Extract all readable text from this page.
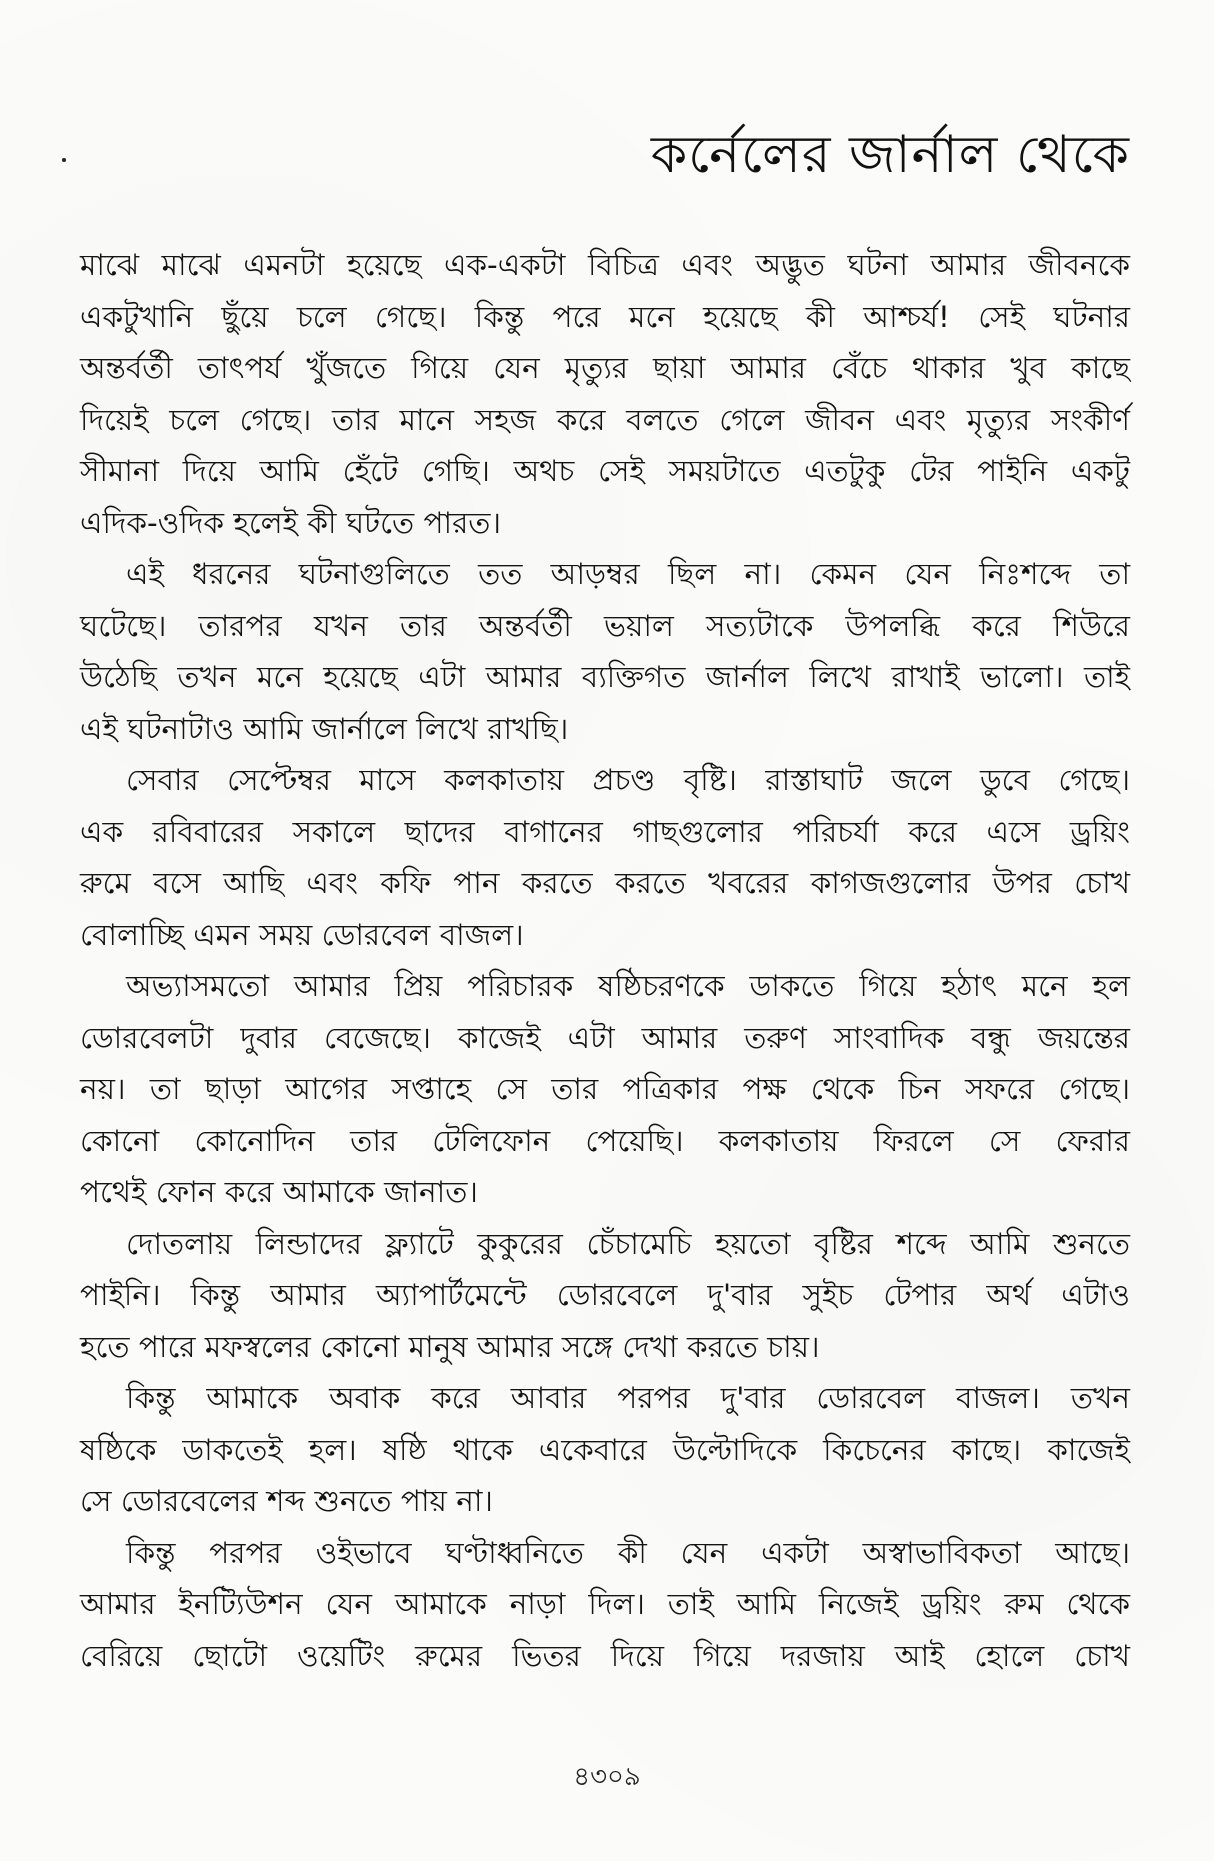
কর্নেলের জার্নাল থেকে
মাঝে মাঝে এমনটা হয়েছে এক-একটা বিচিত্র এবং অদ্ভুত ঘটনা আমার জীবনকে
একটুখানি ছুঁয়ে চলে গেছে। কিন্তু পরে মনে হয়েছে কী আশ্চর্য! সেই ঘটনার
অন্তর্বর্তী তাৎপর্য খুঁজতে গিয়ে যেন মৃত্যুর ছায়া আমার বেঁচে থাকার খুব কাছে
দিয়েই চলে গেছে। তার মানে সহজ করে বলতে গেলে জীবন এবং মৃত্যুর সংকীর্ণ
সীমানা দিয়ে আমি হেঁটে গেছি। অথচ সেই সময়টাতে এতটুকু টের পাইনি একটু
এদিক-ওদিক হলেই কী ঘটতে পারত।
এই ধরনের ঘটনাগুলিতে তত আড়ম্বর ছিল না। কেমন যেন নিঃশব্দে তা
ঘটেছে। তারপর যখন তার অন্তর্বর্তী ভয়াল সত্যটাকে উপলব্ধি করে শিউরে
উঠেছি তখন মনে হয়েছে এটা আমার ব্যক্তিগত জার্নাল লিখে রাখাই ভালো। তাই
এই ঘটনাটাও আমি জার্নালে লিখে রাখছি।
সেবার সেপ্টেম্বর মাসে কলকাতায় প্রচণ্ড বৃষ্টি। রাস্তাঘাট জলে ডুবে গেছে।
এক রবিবারের সকালে ছাদের বাগানের গাছগুলোর পরিচর্যা করে এসে ড্রয়িং
রুমে বসে আছি এবং কফি পান করতে করতে খবরের কাগজগুলোর উপর চোখ
বোলাচ্ছি এমন সময় ডোরবেল বাজল।
অভ্যাসমতো আমার প্রিয় পরিচারক ষষ্ঠিচরণকে ডাকতে গিয়ে হঠাৎ মনে হল
ডোরবেলটা দুবার বেজেছে। কাজেই এটা আমার তরুণ সাংবাদিক বন্ধু জয়ন্তের
নয়। তা ছাড়া আগের সপ্তাহে সে তার পত্রিকার পক্ষ থেকে চিন সফরে গেছে।
কোনো কোনোদিন তার টেলিফোন পেয়েছি। কলকাতায় ফিরলে সে ফেরার
পথেই ফোন করে আমাকে জানাত।
দোতলায় লিন্ডাদের ফ্ল্যাটে কুকুরের চেঁচামেচি হয়তো বৃষ্টির শব্দে আমি শুনতে
পাইনি। কিন্তু আমার অ্যাপার্টমেন্টে ডোরবেলে দু'বার সুইচ টেপার অর্থ এটাও
হতে পারে মফস্বলের কোনো মানুষ আমার সঙ্গে দেখা করতে চায়।
কিন্তু আমাকে অবাক করে আবার পরপর দু'বার ডোরবেল বাজল। তখন
ষষ্ঠিকে ডাকতেই হল। ষষ্ঠি থাকে একেবারে উল্টোদিকে কিচেনের কাছে। কাজেই
সে ডোরবেলের শব্দ শুনতে পায় না।
কিন্তু পরপর ওইভাবে ঘণ্টাধ্বনিতে কী যেন একটা অস্বাভাবিকতা আছে।
আমার ইনট্যিউশন যেন আমাকে নাড়া দিল। তাই আমি নিজেই ড্রয়িং রুম থেকে
বেরিয়ে ছোটো ওয়েটিং রুমের ভিতর দিয়ে গিয়ে দরজায় আই হোলে চোখ
৪৩০৯
